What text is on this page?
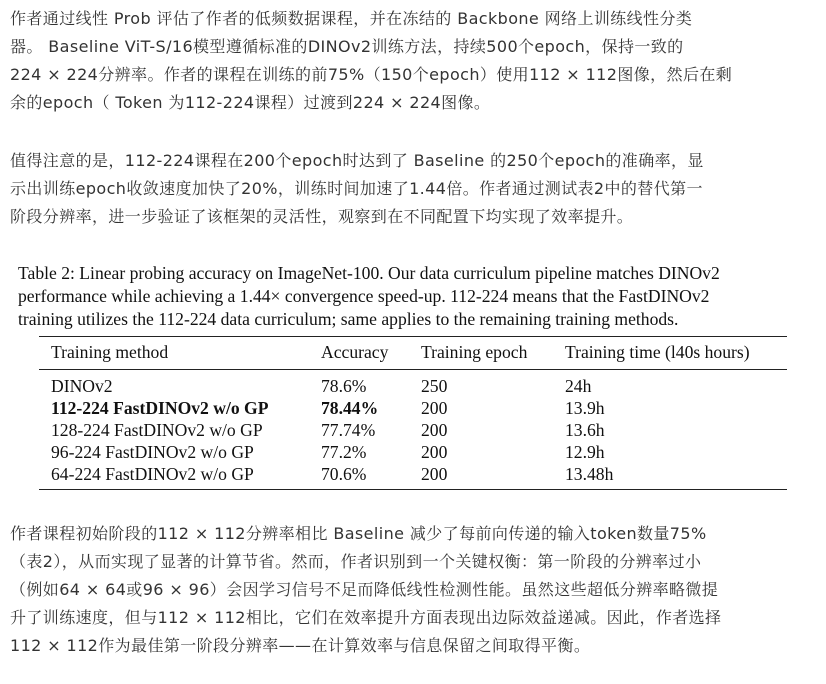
作者通过线性 Prob 评估了作者的低频数据课程，并在冻结的 Backbone 网络上训练线性分类
器。 Baseline ViT-S/16模型遵循标准的DINOv2训练方法，持续500个epoch，保持一致的
224 × 224分辨率。作者的课程在训练的前75%（150个epoch）使用112 × 112图像，然后在剩
余的epoch（ Token 为112-224课程）过渡到224 × 224图像。
值得注意的是，112-224课程在200个epoch时达到了 Baseline 的250个epoch的准确率，显
示出训练epoch收敛速度加快了20%，训练时间加速了1.44倍。作者通过测试表2中的替代第一
阶段分辨率，进一步验证了该框架的灵活性，观察到在不同配置下均实现了效率提升。

Table 2: Linear probing accuracy on ImageNet-100. Our data curriculum pipeline matches DINOv2
performance while achieving a 1.44× convergence speed-up. 112-224 means that the FastDINOv2
training utilizes the 112-224 data curriculum; same applies to the remaining training methods.

Training method	Accuracy	Training epoch	Training time (l40s hours)
DINOv2	78.6%	250	24h
112-224 FastDINOv2 w/o GP	78.44%	200	13.9h
128-224 FastDINOv2 w/o GP	77.74%	200	13.6h
96-224 FastDINOv2 w/o GP	77.2%	200	12.9h
64-224 FastDINOv2 w/o GP	70.6%	200	13.48h
作者课程初始阶段的112 × 112分辨率相比 Baseline 减少了每前向传递的输入token数量75%
（表2），从而实现了显著的计算节省。然而，作者识别到一个关键权衡：第一阶段的分辨率过小
（例如64 × 64或96 × 96）会因学习信号不足而降低线性检测性能。虽然这些超低分辨率略微提
升了训练速度，但与112 × 112相比，它们在效率提升方面表现出边际效益递减。因此，作者选择
112 × 112作为最佳第一阶段分辨率——在计算效率与信息保留之间取得平衡。
